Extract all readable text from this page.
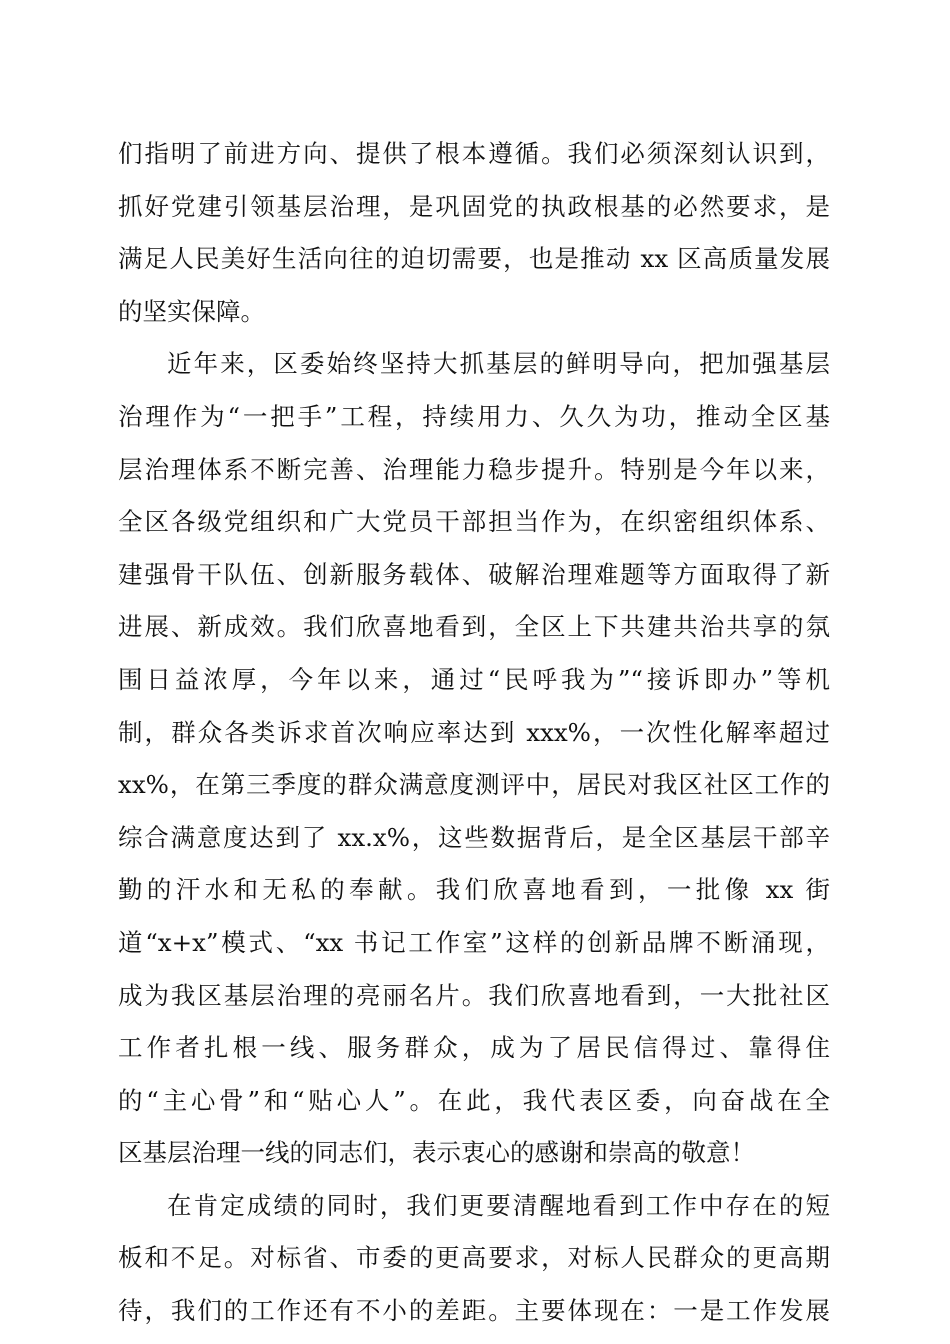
们指明了前进方向、提供了根本遵循。我们必须深刻认识到，
抓好党建引领基层治理，是巩固党的执政根基的必然要求，是
满足人民美好生活向往的迫切需要，也是推动 xx 区高质量发展
的坚实保障。
近年来，区委始终坚持大抓基层的鲜明导向，把加强基层
治理作为“一把手”工程，持续用力、久久为功，推动全区基
层治理体系不断完善、治理能力稳步提升。特别是今年以来，
全区各级党组织和广大党员干部担当作为，在织密组织体系、
建强骨干队伍、创新服务载体、破解治理难题等方面取得了新
进展、新成效。我们欣喜地看到，全区上下共建共治共享的氛
围日益浓厚，今年以来，通过“民呼我为”“接诉即办”等机
制，群众各类诉求首次响应率达到 xxx%，一次性化解率超过
xx%，在第三季度的群众满意度测评中，居民对我区社区工作的
综合满意度达到了 xx.x%，这些数据背后，是全区基层干部辛
勤的汗水和无私的奉献。我们欣喜地看到，一批像 xx 街
道“x+x”模式、“xx 书记工作室”这样的创新品牌不断涌现，
成为我区基层治理的亮丽名片。我们欣喜地看到，一大批社区
工作者扎根一线、服务群众，成为了居民信得过、靠得住
的“主心骨”和“贴心人”。在此，我代表区委，向奋战在全
区基层治理一线的同志们，表示衷心的感谢和崇高的敬意！
在肯定成绩的同时，我们更要清醒地看到工作中存在的短
板和不足。对标省、市委的更高要求，对标人民群众的更高期
待，我们的工作还有不小的差距。主要体现在：一是工作发展
